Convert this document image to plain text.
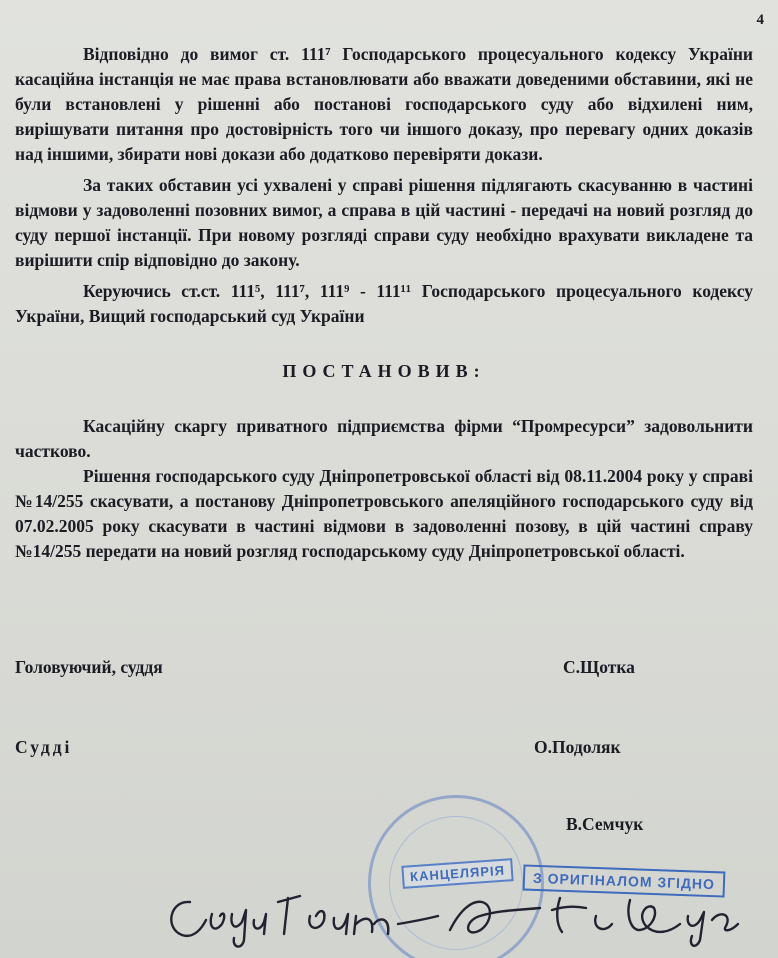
4

Відповідно до вимог ст. 111⁷ Господарського процесуального кодексу України касаційна інстанція не має права встановлювати або вважати доведеними обставини, які не були встановлені у рішенні або постанові господарського суду або відхилені ним, вирішувати питання про достовірність того чи іншого доказу, про перевагу одних доказів над іншими, збирати нові докази або додатково перевіряти докази.

За таких обставин усі ухвалені у справі рішення підлягають скасуванню в частині відмови у задоволенні позовних вимог, а справа в цій частині - передачі на новий розгляд до суду першої інстанції. При новому розгляді справи суду необхідно врахувати викладене та вирішити спір відповідно до закону.

Керуючись ст.ст. 111⁵, 111⁷, 111⁹ - 111¹¹ Господарського процесуального кодексу України, Вищий господарський суд України

ПОСТАНОВИВ:

Касаційну скаргу приватного підприємства фірми “Промресурси” задовольнити частково.

Рішення господарського суду Дніпропетровської області від 08.11.2004 року у справі №14/255 скасувати, а постанову Дніпропетровського апеляційного господарського суду від 07.02.2005 року скасувати в частині відмови в задоволенні позову, в цій частині справу №14/255 передати на новий розгляд господарському суду Дніпропетровської області.

Головуючий, суддя	С.Щотка
Судді	О.Подоляк
В.Семчук
КАНЦЕЛЯРІЯ	З ОРИГІНАЛОМ ЗГІДНО
